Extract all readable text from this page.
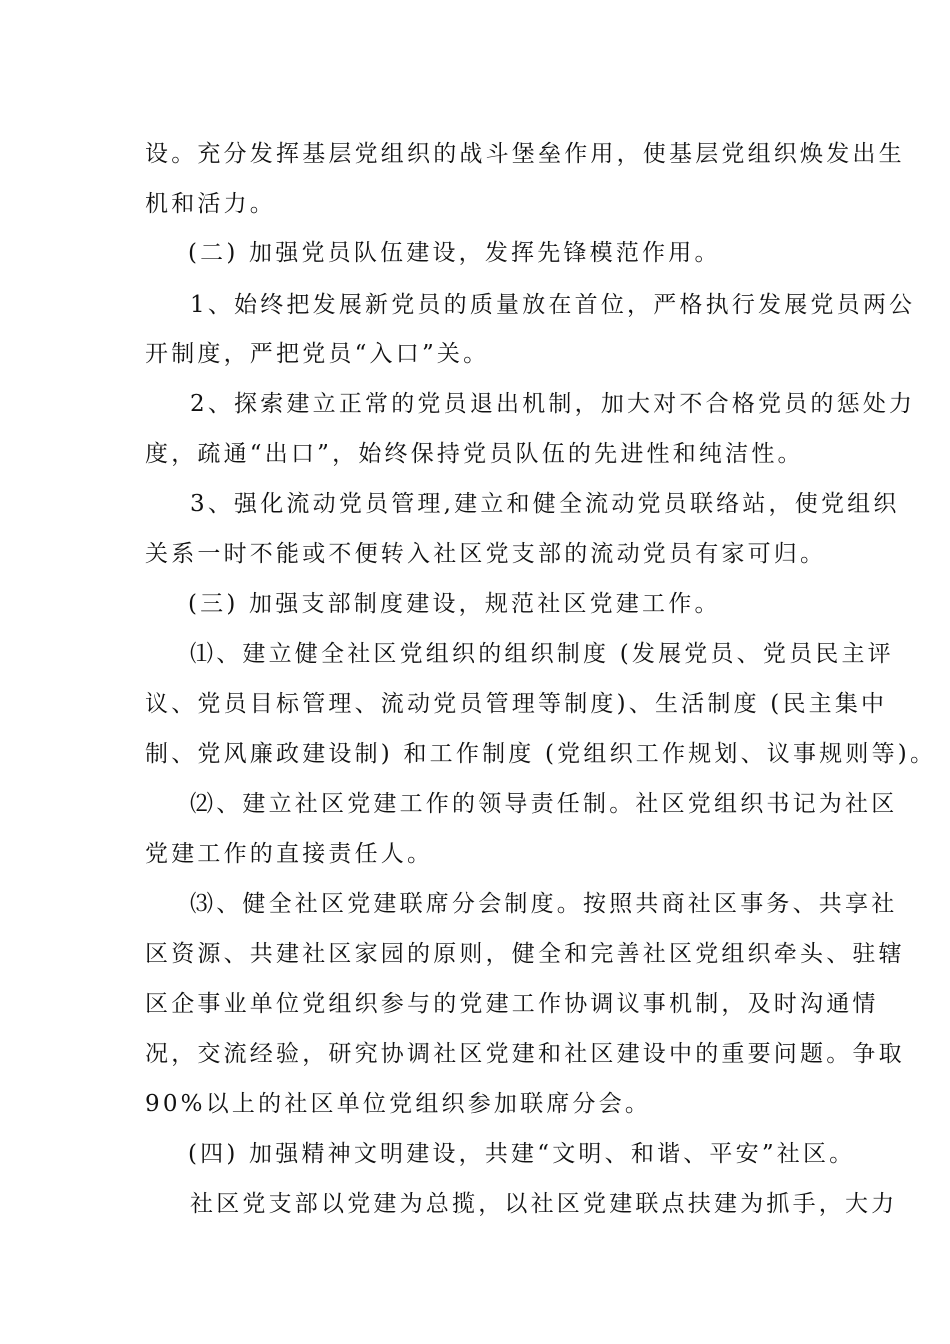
设。充分发挥基层党组织的战斗堡垒作用，使基层党组织焕发出生
机和活力。
(二) 加强党员队伍建设，发挥先锋模范作用。
1、始终把发展新党员的质量放在首位，严格执行发展党员两公
开制度，严把党员“入口”关。
2、探索建立正常的党员退出机制，加大对不合格党员的惩处力
度，疏通“出口”，始终保持党员队伍的先进性和纯洁性。
3、强化流动党员管理,建立和健全流动党员联络站，使党组织
关系一时不能或不便转入社区党支部的流动党员有家可归。
(三) 加强支部制度建设，规范社区党建工作。
⑴、建立健全社区党组织的组织制度 (发展党员、党员民主评
议、党员目标管理、流动党员管理等制度)、生活制度 (民主集中
制、党风廉政建设制) 和工作制度 (党组织工作规划、议事规则等)。
⑵、建立社区党建工作的领导责任制。社区党组织书记为社区
党建工作的直接责任人。
⑶、健全社区党建联席分会制度。按照共商社区事务、共享社
区资源、共建社区家园的原则，健全和完善社区党组织牵头、驻辖
区企事业单位党组织参与的党建工作协调议事机制，及时沟通情
况，交流经验，研究协调社区党建和社区建设中的重要问题。争取
90%以上的社区单位党组织参加联席分会。
(四) 加强精神文明建设，共建“文明、和谐、平安”社区。
社区党支部以党建为总揽，以社区党建联点扶建为抓手，大力
